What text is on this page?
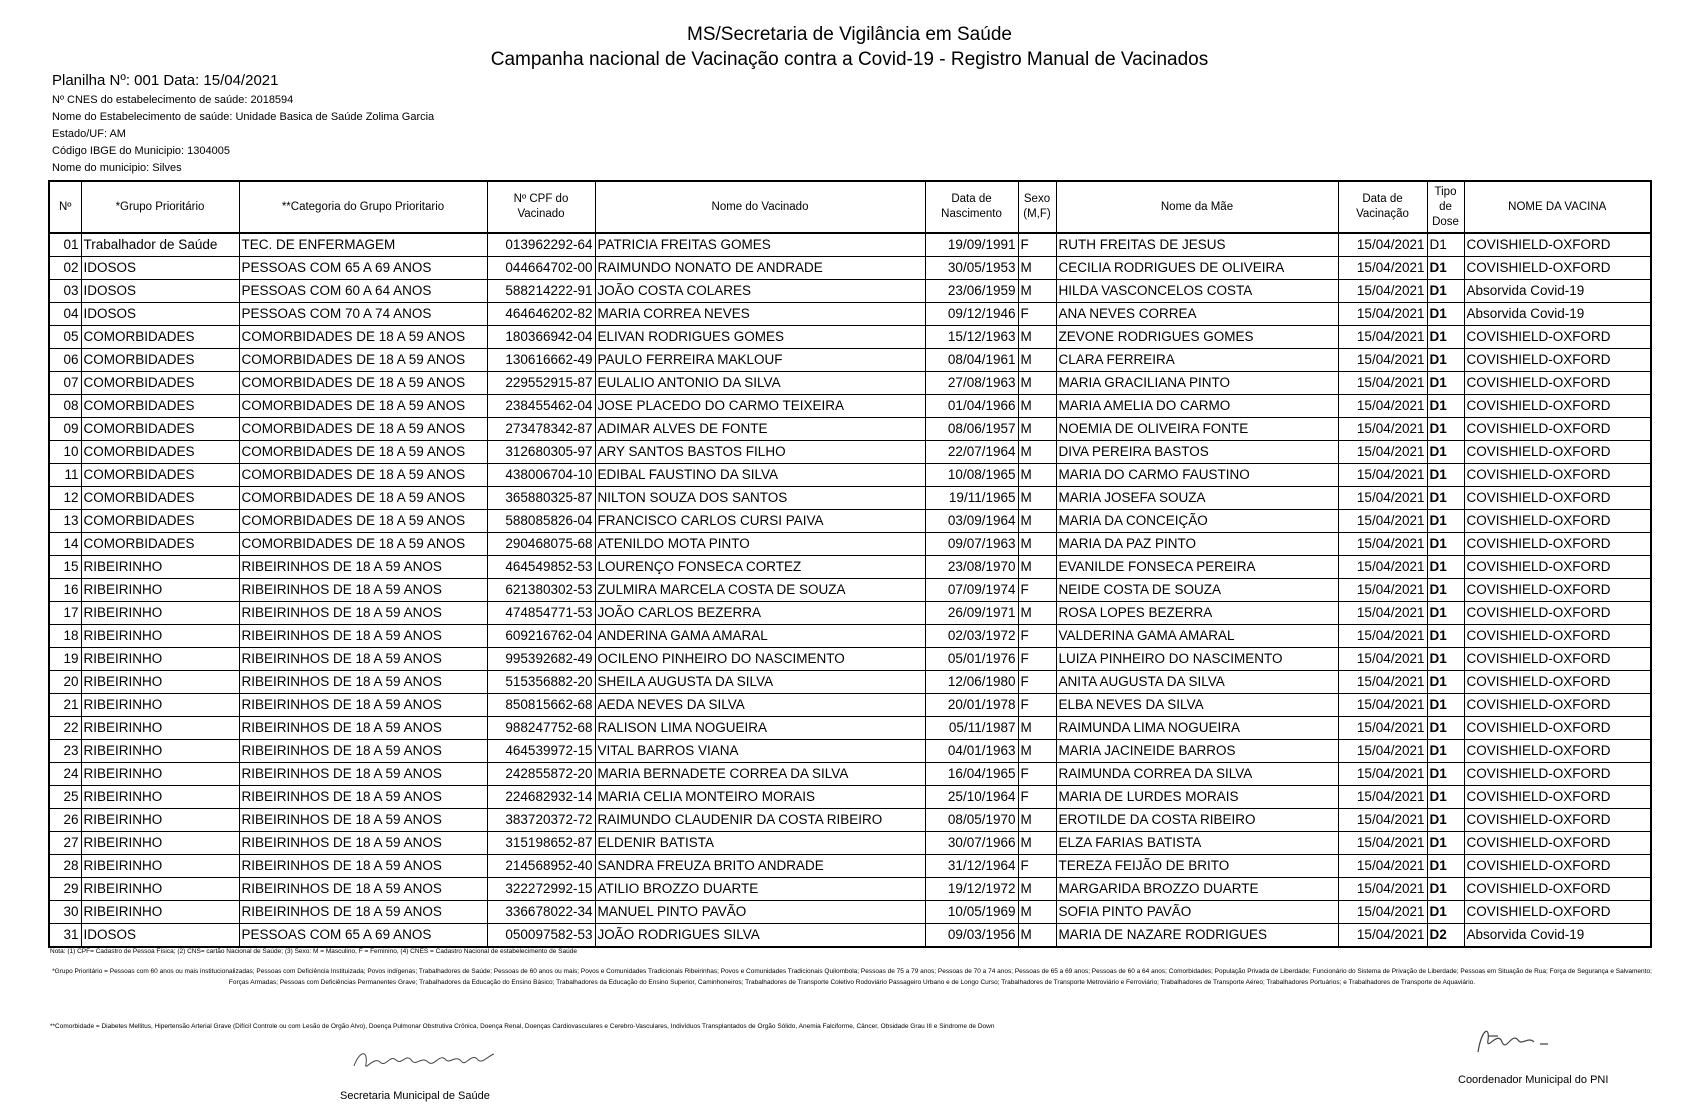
MS/Secretaria de Vigilância em Saúde
Campanha nacional de Vacinação contra a Covid-19 - Registro Manual de Vacinados
Planilha Nº: 001 Data: 15/04/2021
Nº CNES do estabelecimento de saúde: 2018594
Nome do Estabelecimento de saúde: Unidade Basica de Saúde Zolima Garcia
Estado/UF: AM
Código IBGE do Municipio: 1304005
Nome do municipio: Silves
Nº	*Grupo Prioritário	**Categoria do Grupo Prioritario	Nº CPF do Vacinado	Nome do Vacinado	Data de Nascimento	Sexo (M,F)	Nome da Mãe	Data de Vacinação	Tipo de Dose	NOME DA VACINA
01	Trabalhador de Saúde	TEC. DE ENFERMAGEM	013962292-64	PATRICIA FREITAS GOMES	19/09/1991	F	RUTH FREITAS DE JESUS	15/04/2021	D1	COVISHIELD-OXFORD
02	IDOSOS	PESSOAS COM 65 A 69 ANOS	044664702-00	RAIMUNDO NONATO DE ANDRADE	30/05/1953	M	CECILIA RODRIGUES DE OLIVEIRA	15/04/2021	D1	COVISHIELD-OXFORD
03	IDOSOS	PESSOAS COM 60 A 64 ANOS	588214222-91	JOÃO COSTA COLARES	23/06/1959	M	HILDA VASCONCELOS COSTA	15/04/2021	D1	Absorvida Covid-19
04	IDOSOS	PESSOAS COM 70 A 74 ANOS	464646202-82	MARIA CORREA NEVES	09/12/1946	F	ANA NEVES CORREA	15/04/2021	D1	Absorvida Covid-19
05	COMORBIDADES	COMORBIDADES DE 18 A 59 ANOS	180366942-04	ELIVAN RODRIGUES GOMES	15/12/1963	M	ZEVONE RODRIGUES GOMES	15/04/2021	D1	COVISHIELD-OXFORD
06	COMORBIDADES	COMORBIDADES DE 18 A 59 ANOS	130616662-49	PAULO FERREIRA MAKLOUF	08/04/1961	M	CLARA FERREIRA	15/04/2021	D1	COVISHIELD-OXFORD
07	COMORBIDADES	COMORBIDADES DE 18 A 59 ANOS	229552915-87	EULALIO ANTONIO DA SILVA	27/08/1963	M	MARIA GRACILIANA PINTO	15/04/2021	D1	COVISHIELD-OXFORD
08	COMORBIDADES	COMORBIDADES DE 18 A 59 ANOS	238455462-04	JOSE PLACEDO DO CARMO TEIXEIRA	01/04/1966	M	MARIA AMELIA DO CARMO	15/04/2021	D1	COVISHIELD-OXFORD
09	COMORBIDADES	COMORBIDADES DE 18 A 59 ANOS	273478342-87	ADIMAR ALVES DE FONTE	08/06/1957	M	NOEMIA DE OLIVEIRA FONTE	15/04/2021	D1	COVISHIELD-OXFORD
10	COMORBIDADES	COMORBIDADES DE 18 A 59 ANOS	312680305-97	ARY SANTOS BASTOS FILHO	22/07/1964	M	DIVA PEREIRA BASTOS	15/04/2021	D1	COVISHIELD-OXFORD
11	COMORBIDADES	COMORBIDADES DE 18 A 59 ANOS	438006704-10	EDIBAL FAUSTINO DA SILVA	10/08/1965	M	MARIA DO CARMO FAUSTINO	15/04/2021	D1	COVISHIELD-OXFORD
12	COMORBIDADES	COMORBIDADES DE 18 A 59 ANOS	365880325-87	NILTON SOUZA DOS SANTOS	19/11/1965	M	MARIA JOSEFA SOUZA	15/04/2021	D1	COVISHIELD-OXFORD
13	COMORBIDADES	COMORBIDADES DE 18 A 59 ANOS	588085826-04	FRANCISCO CARLOS CURSI PAIVA	03/09/1964	M	MARIA DA CONCEIÇÃO	15/04/2021	D1	COVISHIELD-OXFORD
14	COMORBIDADES	COMORBIDADES DE 18 A 59 ANOS	290468075-68	ATENILDO MOTA PINTO	09/07/1963	M	MARIA DA PAZ PINTO	15/04/2021	D1	COVISHIELD-OXFORD
15	RIBEIRINHO	RIBEIRINHOS DE 18 A 59 ANOS	464549852-53	LOURENÇO FONSECA CORTEZ	23/08/1970	M	EVANILDE FONSECA PEREIRA	15/04/2021	D1	COVISHIELD-OXFORD
16	RIBEIRINHO	RIBEIRINHOS DE 18 A 59 ANOS	621380302-53	ZULMIRA MARCELA COSTA DE SOUZA	07/09/1974	F	NEIDE COSTA DE SOUZA	15/04/2021	D1	COVISHIELD-OXFORD
17	RIBEIRINHO	RIBEIRINHOS DE 18 A 59 ANOS	474854771-53	JOÃO CARLOS BEZERRA	26/09/1971	M	ROSA LOPES BEZERRA	15/04/2021	D1	COVISHIELD-OXFORD
18	RIBEIRINHO	RIBEIRINHOS DE 18 A 59 ANOS	609216762-04	ANDERINA GAMA AMARAL	02/03/1972	F	VALDERINA GAMA AMARAL	15/04/2021	D1	COVISHIELD-OXFORD
19	RIBEIRINHO	RIBEIRINHOS DE 18 A 59 ANOS	995392682-49	OCILENO PINHEIRO DO NASCIMENTO	05/01/1976	F	LUIZA PINHEIRO DO NASCIMENTO	15/04/2021	D1	COVISHIELD-OXFORD
20	RIBEIRINHO	RIBEIRINHOS DE 18 A 59 ANOS	515356882-20	SHEILA AUGUSTA DA SILVA	12/06/1980	F	ANITA AUGUSTA DA SILVA	15/04/2021	D1	COVISHIELD-OXFORD
21	RIBEIRINHO	RIBEIRINHOS DE 18 A 59 ANOS	850815662-68	AEDA NEVES DA SILVA	20/01/1978	F	ELBA NEVES DA SILVA	15/04/2021	D1	COVISHIELD-OXFORD
22	RIBEIRINHO	RIBEIRINHOS DE 18 A 59 ANOS	988247752-68	RALISON LIMA NOGUEIRA	05/11/1987	M	RAIMUNDA LIMA NOGUEIRA	15/04/2021	D1	COVISHIELD-OXFORD
23	RIBEIRINHO	RIBEIRINHOS DE 18 A 59 ANOS	464539972-15	VITAL BARROS VIANA	04/01/1963	M	MARIA JACINEIDE BARROS	15/04/2021	D1	COVISHIELD-OXFORD
24	RIBEIRINHO	RIBEIRINHOS DE 18 A 59 ANOS	242855872-20	MARIA BERNADETE CORREA DA SILVA	16/04/1965	F	RAIMUNDA CORREA DA SILVA	15/04/2021	D1	COVISHIELD-OXFORD
25	RIBEIRINHO	RIBEIRINHOS DE 18 A 59 ANOS	224682932-14	MARIA CELIA MONTEIRO MORAIS	25/10/1964	F	MARIA DE LURDES MORAIS	15/04/2021	D1	COVISHIELD-OXFORD
26	RIBEIRINHO	RIBEIRINHOS DE 18 A 59 ANOS	383720372-72	RAIMUNDO CLAUDENIR DA COSTA RIBEIRO	08/05/1970	M	EROTILDE DA COSTA RIBEIRO	15/04/2021	D1	COVISHIELD-OXFORD
27	RIBEIRINHO	RIBEIRINHOS DE 18 A 59 ANOS	315198652-87	ELDENIR BATISTA	30/07/1966	M	ELZA FARIAS BATISTA	15/04/2021	D1	COVISHIELD-OXFORD
28	RIBEIRINHO	RIBEIRINHOS DE 18 A 59 ANOS	214568952-40	SANDRA FREUZA BRITO ANDRADE	31/12/1964	F	TEREZA FEIJÃO DE BRITO	15/04/2021	D1	COVISHIELD-OXFORD
29	RIBEIRINHO	RIBEIRINHOS DE 18 A 59 ANOS	322272992-15	ATILIO BROZZO DUARTE	19/12/1972	M	MARGARIDA BROZZO DUARTE	15/04/2021	D1	COVISHIELD-OXFORD
30	RIBEIRINHO	RIBEIRINHOS DE 18 A 59 ANOS	336678022-34	MANUEL PINTO PAVÃO	10/05/1969	M	SOFIA PINTO PAVÃO	15/04/2021	D1	COVISHIELD-OXFORD
31	IDOSOS	PESSOAS COM 65 A 69 ANOS	050097582-53	JOÃO RODRIGUES SILVA	09/03/1956	M	MARIA DE NAZARE RODRIGUES	15/04/2021	D2	Absorvida Covid-19
Nota: (1) CPF= Cadastro de Pessoa Física; (2) CNS= cartão Nacional de Saúde; (3) Sexo: M = Masculino, F = Feminino, (4) CNES = Cadastro Nacional de estabelecimento de Saúde
*Grupo Prioritário = Pessoas com 60 anos ou mais institucionalizadas; Pessoas com Deficiência Instituizada; Povos indígenas; Trabalhadores de Saúde; Pessoas de 60 anos ou mais; Povos e Comunidades Tradicionais Ribeirinhas; Povos e Comunidades Tradicionais Quilombola; Pessoas de 75 a 79 anos; Pessoas de 70 a 74 anos; Pessoas de 65 a 69 anos; Pessoas de 60 a 64 anos; Comorbidades; População Privada de Liberdade; Funcionário do Sistema de Privação de Liberdade; Pessoas em Situação de Rua; Força de Segurança e Salvamento; Forças Armadas; Pessoas com Deficiências Permanentes Grave; Trabalhadores da Educação do Ensino Básico; Trabalhadores da Educação do Ensino Superior, Caminhoneiros; Trabalhadores de Transporte Coletivo Rodoviário Passageiro Urbano e de Longo Curso; Trabalhadores de Transporte Metroviário e Ferroviário; Trabalhadores de Transporte Aéreo; Trabalhadores Portuários; e Trabalhadores de Transporte de Aquaviário.
**Comorbidade = Diabetes Mellitus, Hipertensão Arterial Grave (Difícil Controle ou com Lesão de Orgão Alvo), Doença Pulmonar Obstrutiva Crônica, Doença Renal, Doenças Cardiovasculares e Cerebro-Vasculares, Indivíduos Transplantados de Orgão Sólido, Anemia Falciforme, Câncer, Obsidade Grau III e Sindrome de Down
Secretaria Municipal de Saúde
Coordenador Municipal do PNI
